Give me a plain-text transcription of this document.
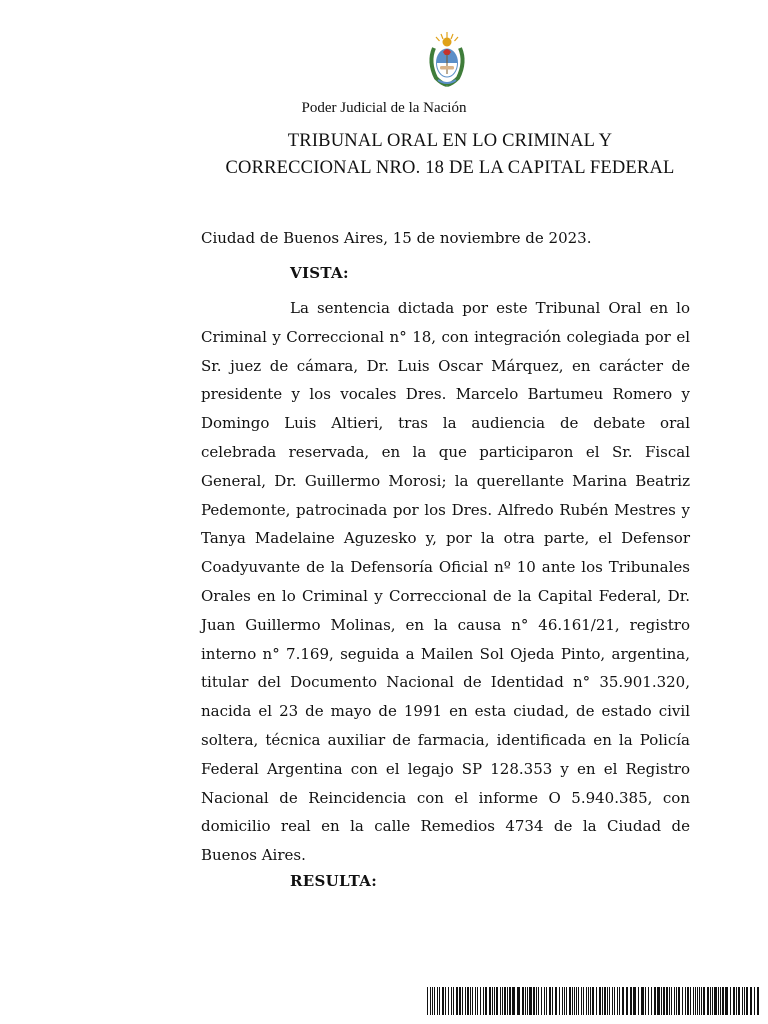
Poder Judicial de la Nación
TRIBUNAL ORAL EN LO CRIMINAL Y
CORRECCIONAL NRO. 18 DE LA CAPITAL FEDERAL
Ciudad de Buenos Aires, 15 de noviembre de 2023.
VISTA:
La sentencia dictada por este Tribunal Oral en lo
Criminal y Correccional n° 18, con integración colegiada por el
Sr. juez de cámara, Dr. Luis Oscar Márquez, en carácter de
presidente y los vocales Dres. Marcelo Bartumeu Romero y
Domingo Luis Altieri, tras la audiencia de debate oral
celebrada reservada, en la que participaron el Sr. Fiscal
General, Dr. Guillermo Morosi; la querellante Marina Beatriz
Pedemonte, patrocinada por los Dres. Alfredo Rubén Mestres y
Tanya Madelaine Aguzesko y, por la otra parte, el Defensor
Coadyuvante de la Defensoría Oficial nº 10 ante los Tribunales
Orales en lo Criminal y Correccional de la Capital Federal, Dr.
Juan Guillermo Molinas, en la causa n° 46.161/21, registro
interno n° 7.169, seguida a Mailen Sol Ojeda Pinto, argentina,
titular del Documento Nacional de Identidad n° 35.901.320,
nacida el 23 de mayo de 1991 en esta ciudad, de estado civil
soltera, técnica auxiliar de farmacia, identificada en la Policía
Federal Argentina con el legajo SP 128.353 y en el Registro
Nacional de Reincidencia con el informe O 5.940.385, con
domicilio real en la calle Remedios 4734 de la Ciudad de
Buenos Aires.
RESULTA:
